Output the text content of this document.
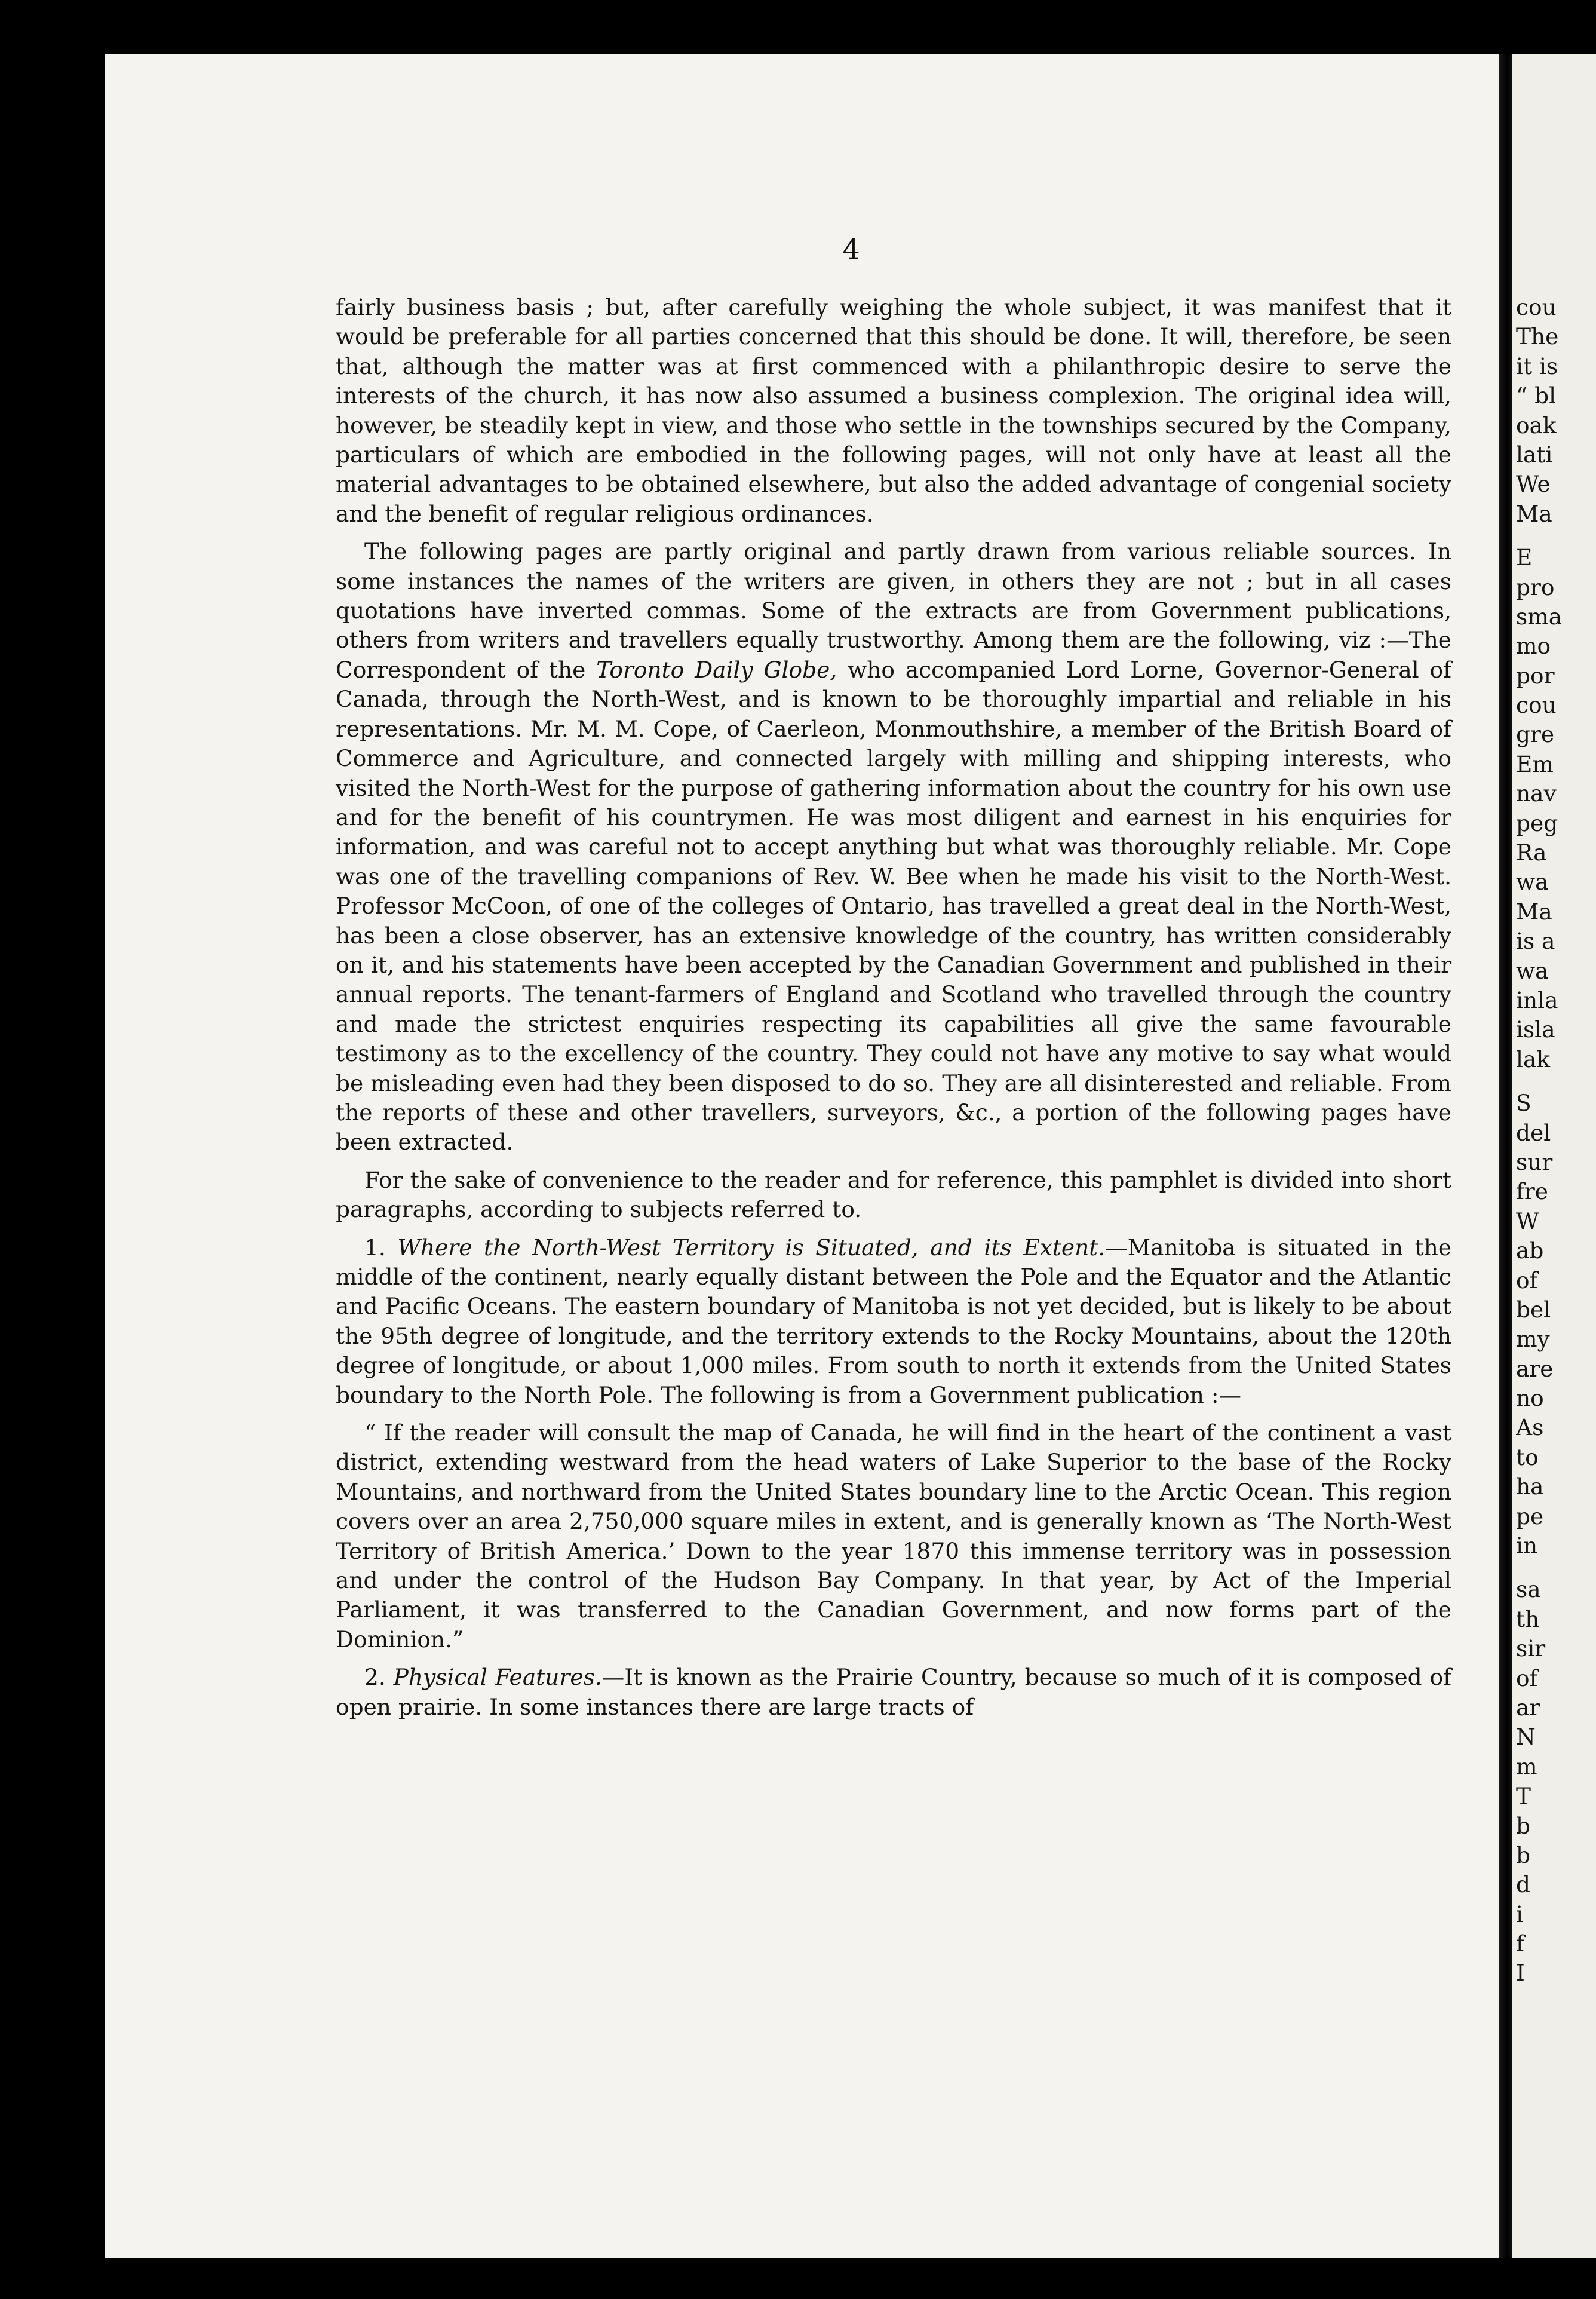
cou
The
it is
“ bl
oak
lati
We
Ma
E
pro
sma
mo
por
cou
gre
Em
nav
peg
Ra
wa
Ma
is a
wa
inla
isla
lak
S
del
sur
fre
W
ab
of
bel
my
are
no
As
to
ha
pe
in
sa
th
sir
of
ar
N
m
T
b
b
d
i
f
I
4

fairly business basis ; but, after carefully weighing the whole subject, it was manifest that it would be preferable for all parties concerned that this should be done. It will, therefore, be seen that, although the matter was at first commenced with a philanthropic desire to serve the interests of the church, it has now also assumed a business complexion. The original idea will, however, be steadily kept in view, and those who settle in the townships secured by the Company, particulars of which are embodied in the following pages, will not only have at least all the material advantages to be obtained elsewhere, but also the added advantage of congenial society and the benefit of regular religious ordinances.

The following pages are partly original and partly drawn from various reliable sources. In some instances the names of the writers are given, in others they are not ; but in all cases quotations have inverted commas. Some of the extracts are from Government publications, others from writers and travellers equally trustworthy. Among them are the following, viz :—The Correspondent of the Toronto Daily Globe, who accompanied Lord Lorne, Governor-General of Canada, through the North-West, and is known to be thoroughly impartial and reliable in his representations. Mr. M. M. Cope, of Caerleon, Monmouthshire, a member of the British Board of Commerce and Agriculture, and connected largely with milling and shipping interests, who visited the North-West for the purpose of gathering information about the country for his own use and for the benefit of his countrymen. He was most diligent and earnest in his enquiries for information, and was careful not to accept anything but what was thoroughly reliable. Mr. Cope was one of the travelling companions of Rev. W. Bee when he made his visit to the North-West. Professor McCoon, of one of the colleges of Ontario, has travelled a great deal in the North-West, has been a close observer, has an extensive knowledge of the country, has written considerably on it, and his statements have been accepted by the Canadian Government and published in their annual reports. The tenant-farmers of England and Scotland who travelled through the country and made the strictest enquiries respecting its capabilities all give the same favourable testimony as to the excellency of the country. They could not have any motive to say what would be misleading even had they been disposed to do so. They are all disinterested and reliable. From the reports of these and other travellers, surveyors, &c., a portion of the following pages have been extracted.

For the sake of convenience to the reader and for reference, this pamphlet is divided into short paragraphs, according to subjects referred to.

1. Where the North-West Territory is Situated, and its Extent.—Manitoba is situated in the middle of the continent, nearly equally distant between the Pole and the Equator and the Atlantic and Pacific Oceans. The eastern boundary of Manitoba is not yet decided, but is likely to be about the 95th degree of longitude, and the territory extends to the Rocky Mountains, about the 120th degree of longitude, or about 1,000 miles. From south to north it extends from the United States boundary to the North Pole. The following is from a Government publication :—

“ If the reader will consult the map of Canada, he will find in the heart of the continent a vast district, extending westward from the head waters of Lake Superior to the base of the Rocky Mountains, and northward from the United States boundary line to the Arctic Ocean. This region covers over an area 2,750,000 square miles in extent, and is generally known as ‘The North-West Territory of British America.’ Down to the year 1870 this immense territory was in possession and under the control of the Hudson Bay Company. In that year, by Act of the Imperial Parliament, it was transferred to the Canadian Government, and now forms part of the Dominion.”

2. Physical Features.—It is known as the Prairie Country, because so much of it is composed of open prairie. In some instances there are large tracts of
